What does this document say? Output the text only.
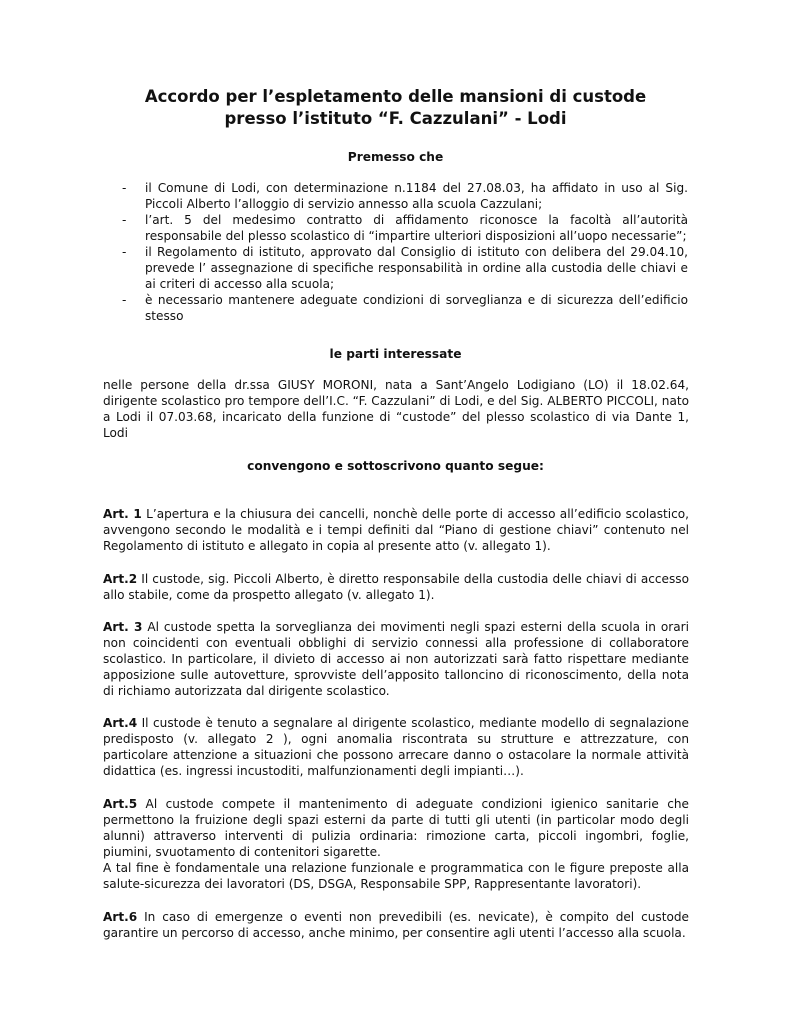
Accordo per l’espletamento delle mansioni di custode
presso l’istituto “F. Cazzulani” - Lodi
Premesso che
- il Comune di Lodi, con determinazione n.1184 del 27.08.03, ha affidato in uso al Sig. Piccoli Alberto l’alloggio di servizio annesso alla scuola Cazzulani;
- l’art. 5 del medesimo contratto di affidamento riconosce la facoltà all’autorità responsabile del plesso scolastico di “impartire ulteriori disposizioni all’uopo necessarie”;
- il Regolamento di istituto, approvato dal Consiglio di istituto con delibera del 29.04.10, prevede l’ assegnazione di specifiche responsabilità in ordine alla custodia delle chiavi e ai criteri di accesso alla scuola;
- è necessario mantenere adeguate condizioni di sorveglianza e di sicurezza dell’edificio stesso
le parti interessate

nelle persone della dr.ssa GIUSY MORONI, nata a Sant’Angelo Lodigiano (LO) il 18.02.64, dirigente scolastico pro tempore dell’I.C. “F. Cazzulani” di Lodi, e del Sig. ALBERTO PICCOLI, nato a Lodi il 07.03.68, incaricato della funzione di “custode” del plesso scolastico di via Dante 1, Lodi

convengono e sottoscrivono quanto segue:

Art. 1 L’apertura e la chiusura dei cancelli, nonchè delle porte di accesso all’edificio scolastico, avvengono secondo le modalità e i tempi definiti dal “Piano di gestione chiavi” contenuto nel Regolamento di istituto e allegato in copia al presente atto (v. allegato 1).

Art.2 Il custode, sig. Piccoli Alberto, è diretto responsabile della custodia delle chiavi di accesso allo stabile, come da prospetto allegato (v. allegato 1).

Art. 3 Al custode spetta la sorveglianza dei movimenti negli spazi esterni della scuola in orari non coincidenti con eventuali obblighi di servizio connessi alla professione di collaboratore scolastico. In particolare, il divieto di accesso ai non autorizzati sarà fatto rispettare mediante apposizione sulle autovetture, sprovviste dell’apposito talloncino di riconoscimento, della nota di richiamo autorizzata dal dirigente scolastico.

Art.4 Il custode è tenuto a segnalare al dirigente scolastico, mediante modello di segnalazione predisposto (v. allegato 2 ), ogni anomalia riscontrata su strutture e attrezzature, con particolare attenzione a situazioni che possono arrecare danno o ostacolare la normale attività didattica (es. ingressi incustoditi, malfunzionamenti degli impianti…).

Art.5 Al custode compete il mantenimento di adeguate condizioni igienico sanitarie che permettono la fruizione degli spazi esterni da parte di tutti gli utenti (in particolar modo degli alunni) attraverso interventi di pulizia ordinaria: rimozione carta, piccoli ingombri, foglie, piumini, svuotamento di contenitori sigarette.
A tal fine è fondamentale una relazione funzionale e programmatica con le figure preposte alla salute-sicurezza dei lavoratori (DS, DSGA, Responsabile SPP, Rappresentante lavoratori).

Art.6 In caso di emergenze o eventi non prevedibili (es. nevicate), è compito del custode garantire un percorso di accesso, anche minimo, per consentire agli utenti l’accesso alla scuola.
